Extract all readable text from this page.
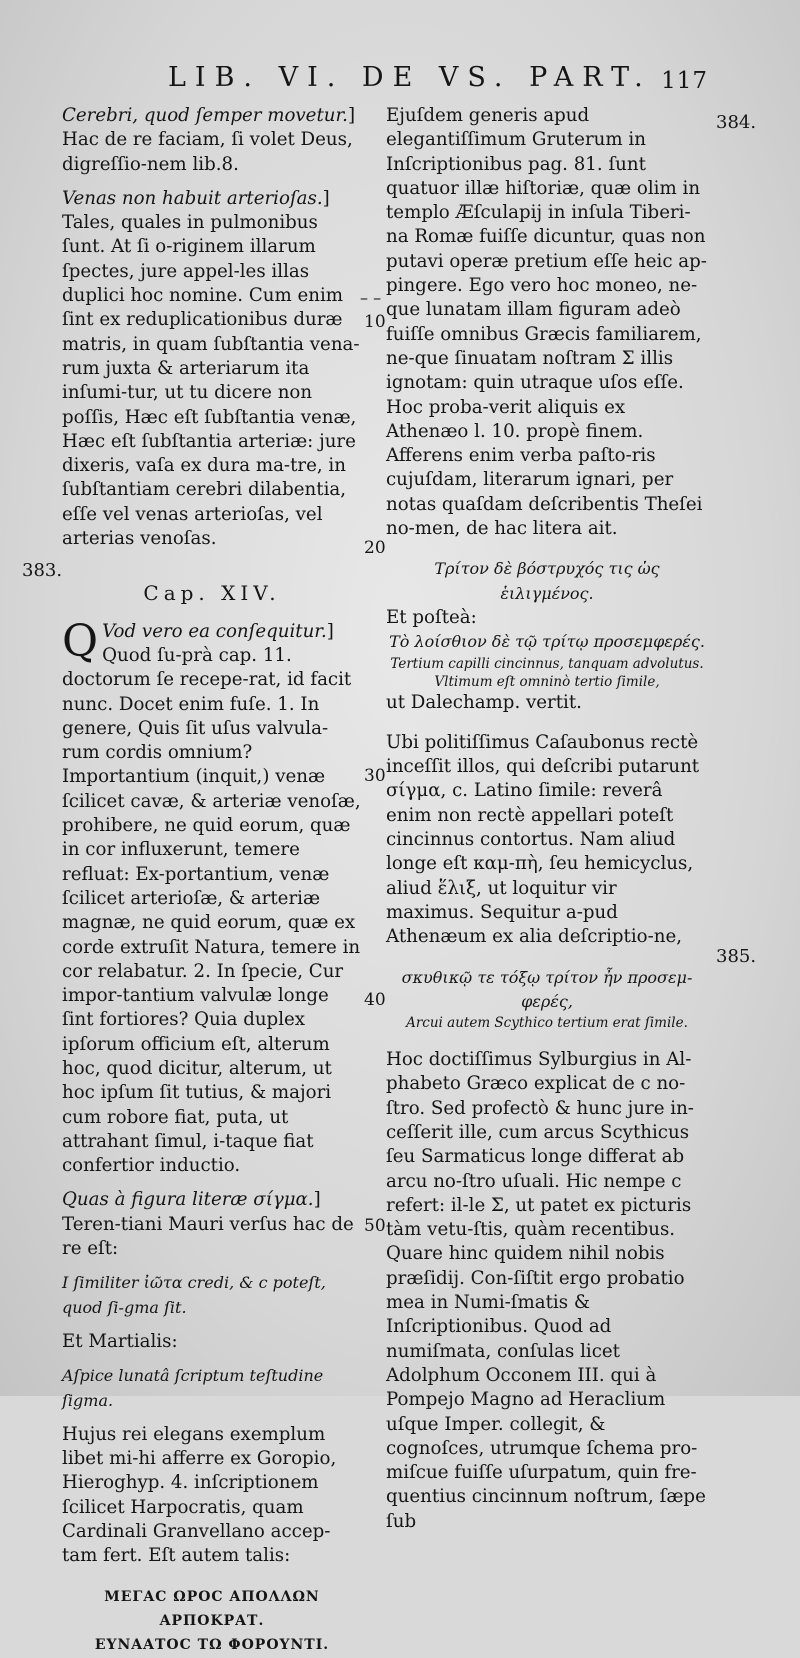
LIB. VI. DE VS. PART. 117

Cerebri, quod ſemper movetur.] Hac de re faciam, ſi volet Deus, digreſſio-nem lib.8.

Venas non habuit arterioſas.] Tales, quales in pulmonibus ſunt. At ſi o-riginem illarum ſpectes, jure appel-les illas duplici hoc nomine. Cum enim ſint ex reduplicationibus duræ matris, in quam ſubſtantia vena-rum juxta & arteriarum ita inſumi-tur, ut tu dicere non poſſis, Hæc eſt ſubſtantia venæ, Hæc eſt ſubſtantia arteriæ: jure dixeris, vaſa ex dura ma-tre, in ſubſtantiam cerebri dilabentia, eſſe vel venas arterioſas, vel arterias venoſas.

Cap. XIV.

Q Vod vero ea conſequitur.] Quod ſu-prà cap. 11. doctorum ſe recepe-rat, id facit nunc. Docet enim fuſe. 1. In genere, Quis ſit uſus valvula-rum cordis omnium? Importantium (inquit,) venæ ſcilicet cavæ, & arteriæ venoſæ, prohibere, ne quid eorum, quæ in cor influxerunt, temere refluat: Ex-portantium, venæ ſcilicet arterioſæ, & arteriæ magnæ, ne quid eorum, quæ ex corde extruſit Natura, temere in cor relabatur. 2. In ſpecie, Cur impor-tantium valvulæ longe ſint fortiores? Quia duplex ipſorum officium eſt, alterum hoc, quod dicitur, alterum, ut hoc ipſum ſit tutius, & majori cum robore fiat, puta, ut attrahant ſimul, i-taque fiat confertior inductio.

Quas à figura literæ σίγμα.] Teren-tiani Mauri verſus hac de re eſt:

I ſimiliter ἰῶτα credi, & c poteſt, quod ſi-gma ſit.

Et Martialis:

Aſpice lunatâ ſcriptum teſtudine ſigma.

Hujus rei elegans exemplum libet mi-hi afferre ex Goropio, Hieroghyp. 4. inſcriptionem ſcilicet Harpocratis, quam Cardinali Granvellano accep-tam fert. Eſt autem talis:

ΜΕΓΑϹ ΩΡΟϹ ΑΠΟΛΛΩΝ

ΑΡΠΟΚΡΑΤ.

ΕΥΝΑΑΤΟϹ ΤΩ ΦΟΡΟΥΝΤΙ.

Ejuſdem generis apud elegantiſſimum Gruterum in Inſcriptionibus pag. 81. ſunt quatuor illæ hiſtoriæ, quæ olim in templo Æſculapij in inſula Tiberi-na Romæ fuiſſe dicuntur, quas non putavi operæ pretium eſſe heic ap-pingere. Ego vero hoc moneo, ne-que lunatam illam figuram adeò fuiſſe omnibus Græcis familiarem, ne-que ſinuatam noſtram Σ illis ignotam: quin utraque uſos eſſe. Hoc proba-verit aliquis ex Athenæo l. 10. propè finem. Afferens enim verba paſto-ris cujuſdam, literarum ignari, per notas quaſdam deſcribentis Theſei no-men, de hac litera ait.

Τρίτον δὲ βόστρυχός τις ὡς ἑιλιγμένος.

Et poſteà:

Τὸ λοίσθιον δὲ τῷ τρίτῳ προσεμφερές.

Tertium capilli cincinnus, tanquam advolutus.

Vltimum eſt omninò tertio ſimile,

ut Dalechamp. vertit.

Ubi politiſſimus Caſaubonus rectè inceſſit illos, qui deſcribi putarunt σίγμα, c. Latino ſimile: reverâ enim non rectè appellari poteſt cincinnus contortus. Nam aliud longe eſt καμ-πὴ, ſeu hemicyclus, aliud ἕλιξ, ut loquitur vir maximus. Sequitur a-pud Athenæum ex alia deſcriptio-ne,

σκυθικῷ τε τόξῳ τρίτον ἦν προσεμ-φερές,

Arcui autem Scythico tertium erat ſimile.

Hoc doctiſſimus Sylburgius in Al-phabeto Græco explicat de c no-ſtro. Sed profectò & hunc jure in-ceſſerit ille, cum arcus Scythicus ſeu Sarmaticus longe differat ab arcu no-ſtro uſuali. Hic nempe c refert: il-le Σ, ut patet ex picturis tàm vetu-ſtis, quàm recentibus. Quare hinc quidem nihil nobis præſidij. Con-ſiſtit ergo probatio mea in Numi-ſmatis & Inſcriptionibus. Quod ad numiſmata, conſulas licet Adolphum Occonem III. qui à Pompejo Magno ad Heraclium uſque Imper. collegit, & cognoſces, utrumque ſchema pro-miſcue fuiſſe uſurpatum, quin fre-quentius cincinnum noſtrum, ſæpe ſub

10
20
30
40
50
– –
383.
384.
385.
